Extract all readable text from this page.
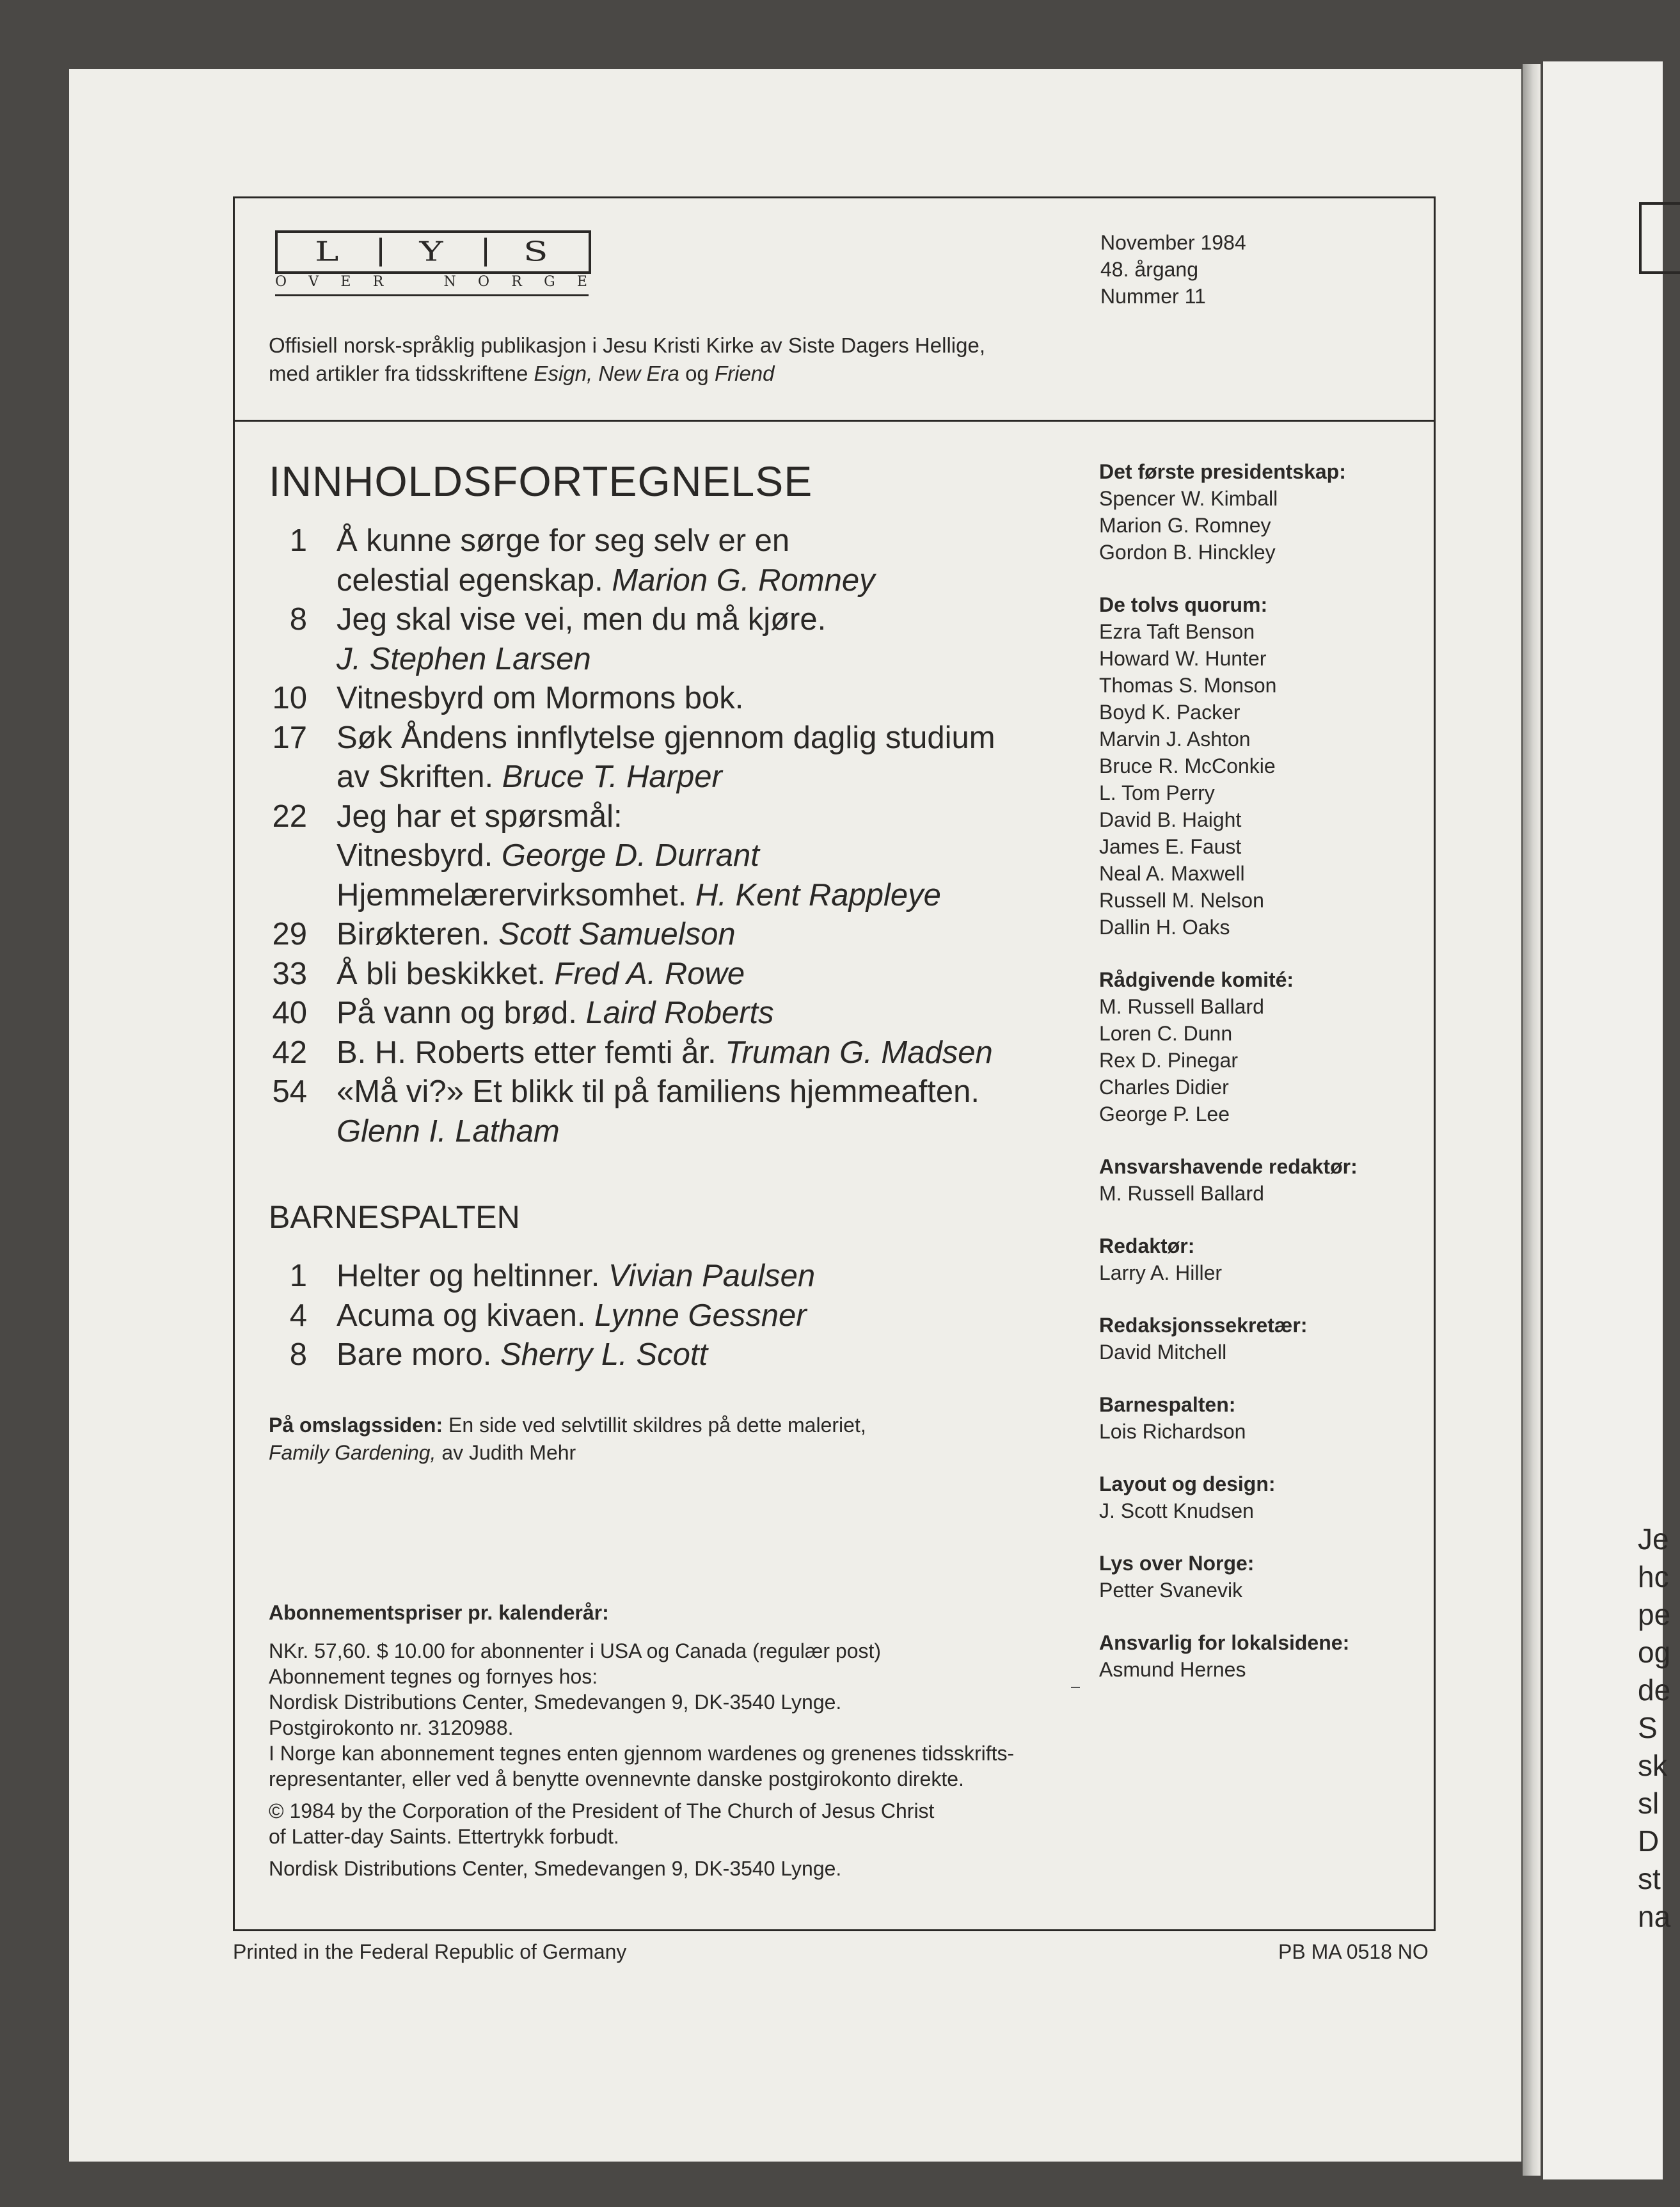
Je
hc
pe
og
de
S
sk
sl
D
st
na
L	Y	S
O V E R	N O R G E
November 1984
48. årgang
Nummer 11
Offisiell norsk-språklig publikasjon i Jesu Kristi Kirke av Siste Dagers Hellige,
med artikler fra tidsskriftene Esign, New Era og Friend
INNHOLDSFORTEGNELSE
1 Å kunne sørge for seg selv er en
celestial egenskap. Marion G. Romney
8 Jeg skal vise vei, men du må kjøre.
J. Stephen Larsen
10 Vitnesbyrd om Mormons bok.
17 Søk Åndens innflytelse gjennom daglig studium
av Skriften. Bruce T. Harper
22 Jeg har et spørsmål:
Vitnesbyrd. George D. Durrant
Hjemmelærervirksomhet. H. Kent Rappleye
29 Birøkteren. Scott Samuelson
33 Å bli beskikket. Fred A. Rowe
40 På vann og brød. Laird Roberts
42 B. H. Roberts etter femti år. Truman G. Madsen
54 «Må vi?» Et blikk til på familiens hjemmeaften.
Glenn I. Latham
BARNESPALTEN
1 Helter og heltinner. Vivian Paulsen
4 Acuma og kivaen. Lynne Gessner
8 Bare moro. Sherry L. Scott
På omslagssiden: En side ved selvtillit skildres på dette maleriet,
Family Gardening, av Judith Mehr
Abonnementspriser pr. kalenderår:

NKr. 57,60. $ 10.00 for abonnenter i USA og Canada (regulær post)
Abonnement tegnes og fornyes hos:
Nordisk Distributions Center, Smedevangen 9, DK-3540 Lynge.
Postgirokonto nr. 3120988.
I Norge kan abonnement tegnes enten gjennom wardenes og grenenes tidsskrifts-
representanter, eller ved å benytte ovennevnte danske postgirokonto direkte.

© 1984 by the Corporation of the President of The Church of Jesus Christ
of Latter-day Saints. Ettertrykk forbudt.

Nordisk Distributions Center, Smedevangen 9, DK-3540 Lynge.

Det første presidentskap:
Spencer W. Kimball
Marion G. Romney
Gordon B. Hinckley
De tolvs quorum:
Ezra Taft Benson
Howard W. Hunter
Thomas S. Monson
Boyd K. Packer
Marvin J. Ashton
Bruce R. McConkie
L. Tom Perry
David B. Haight
James E. Faust
Neal A. Maxwell
Russell M. Nelson
Dallin H. Oaks
Rådgivende komité:
M. Russell Ballard
Loren C. Dunn
Rex D. Pinegar
Charles Didier
George P. Lee
Ansvarshavende redaktør:
M. Russell Ballard
Redaktør:
Larry A. Hiller
Redaksjonssekretær:
David Mitchell
Barnespalten:
Lois Richardson
Layout og design:
J. Scott Knudsen
Lys over Norge:
Petter Svanevik
Ansvarlig for lokalsidene:
Asmund Hernes
Printed in the Federal Republic of Germany	PB MA 0518 NO
